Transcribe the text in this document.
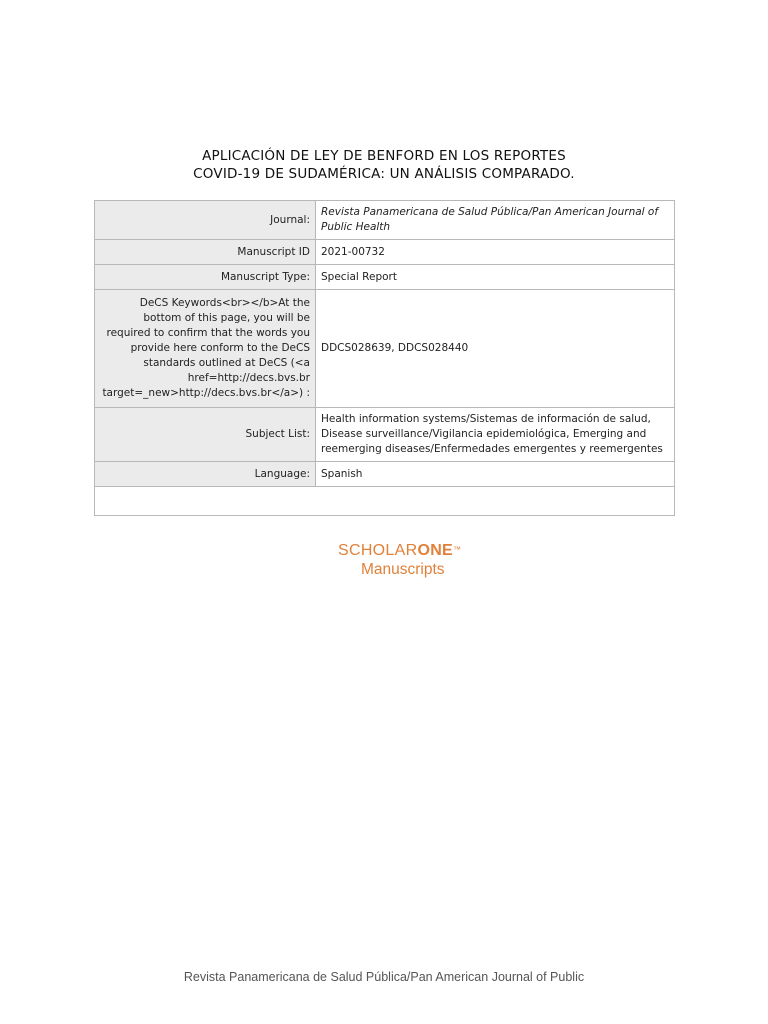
APLICACIÓN DE LEY DE BENFORD EN LOS REPORTES
COVID-19 DE SUDAMÉRICA: UN ANÁLISIS COMPARADO.
Journal:	Revista Panamericana de Salud Pública/Pan American Journal of Public Health
Manuscript ID	2021-00732
Manuscript Type:	Special Report
DeCS Keywords<br></b>At the bottom of this page, you will be required to confirm that the words you provide here conform to the DeCS standards outlined at DeCS (<a href=http://decs.bvs.br target=_new>http://decs.bvs.br</a>) :	DDCS028639, DDCS028440
Subject List:	Health information systems/Sistemas de información de salud, Disease surveillance/Vigilancia epidemiológica, Emerging and reemerging diseases/Enfermedades emergentes y reemergentes
Language:	Spanish

SCHOLARONE™
Manuscripts
Revista Panamericana de Salud Pública/Pan American Journal of Public
